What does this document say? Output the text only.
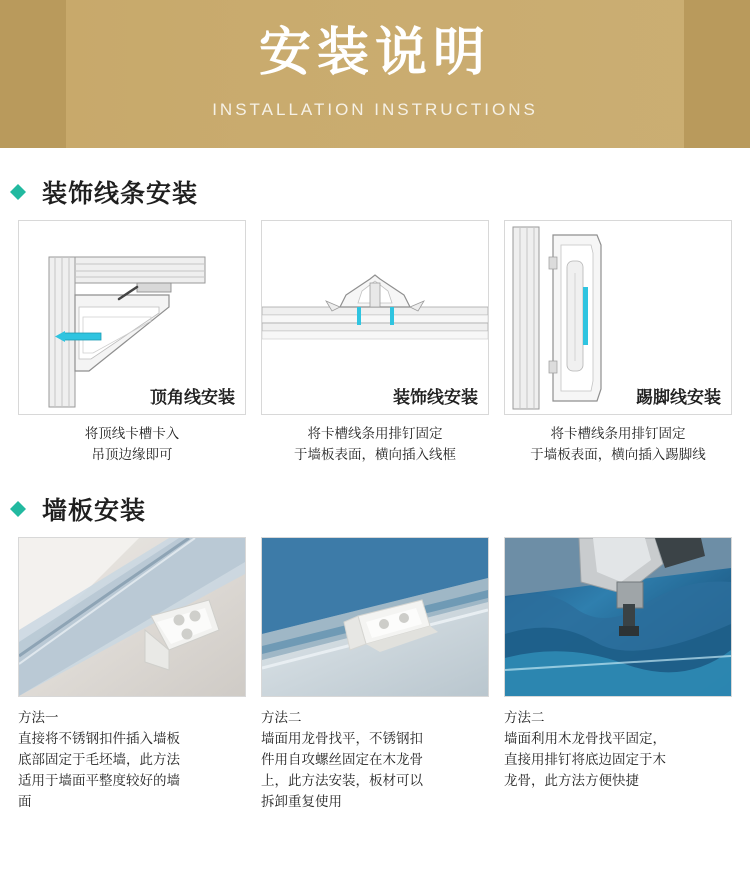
安装说明
INSTALLATION INSTRUCTIONS
装饰线条安装
顶角线安装
将顶线卡槽卡入
吊顶边缘即可
装饰线安装
将卡槽线条用排钉固定
于墙板表面，横向插入线框
踢脚线安装
将卡槽线条用排钉固定
于墙板表面，横向插入踢脚线
墙板安装
方法一
直接将不锈钢扣件插入墙板
底部固定于毛坯墙，此方法
适用于墙面平整度较好的墙
面
方法二
墙面用龙骨找平，不锈钢扣
件用自攻螺丝固定在木龙骨
上，此方法安装，板材可以
拆卸重复使用
方法二
墙面利用木龙骨找平固定，
直接用排钉将底边固定于木
龙骨，此方法方便快捷
